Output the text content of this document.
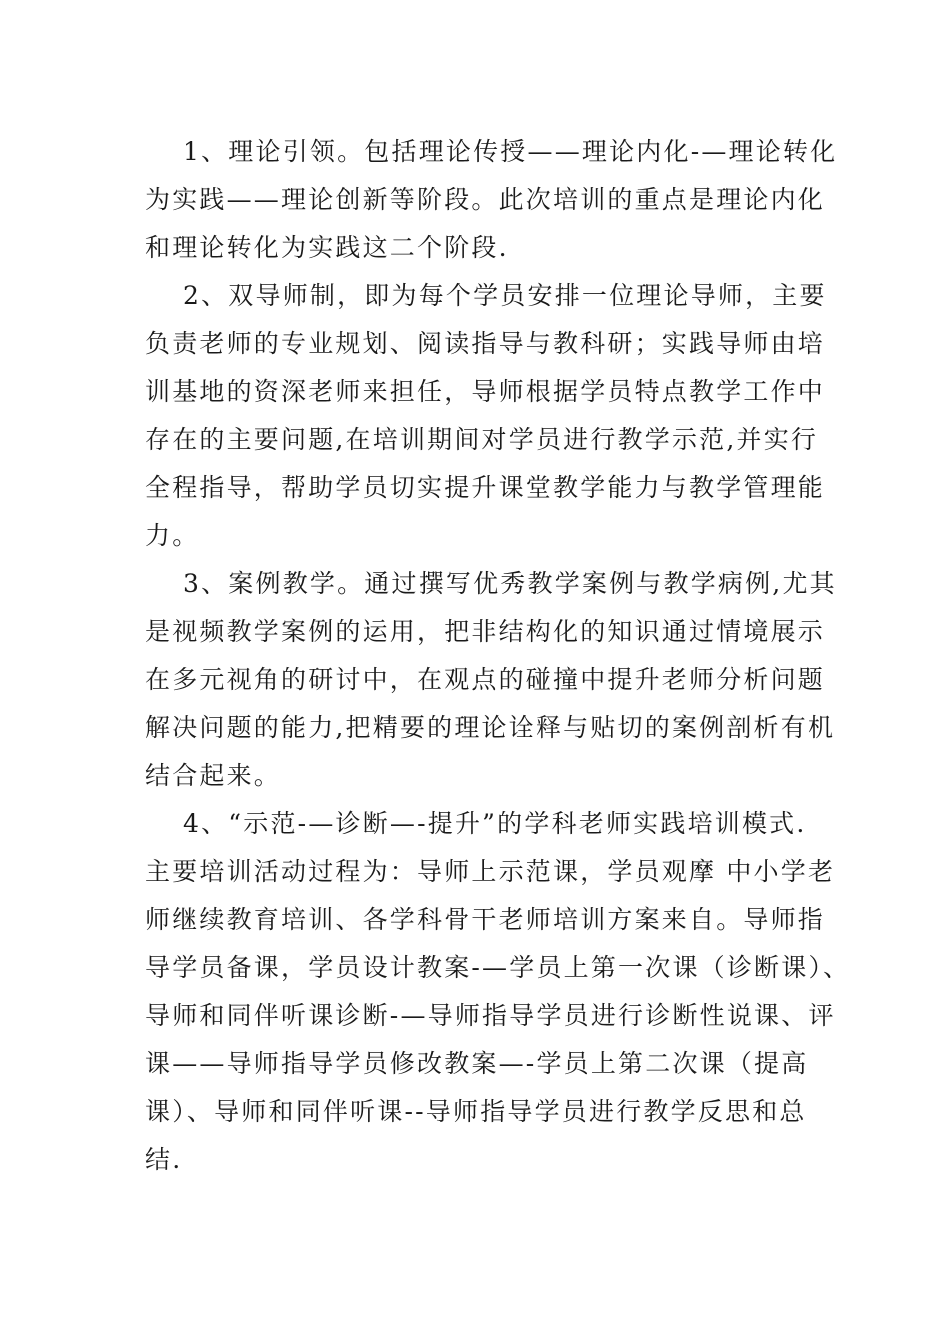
1、理论引领。包括理论传授——理论内化-—理论转化
为实践——理论创新等阶段。此次培训的重点是理论内化
和理论转化为实践这二个阶段.

2、双导师制，即为每个学员安排一位理论导师，主要
负责老师的专业规划、阅读指导与教科研；实践导师由培
训基地的资深老师来担任，导师根据学员特点教学工作中
存在的主要问题,在培训期间对学员进行教学示范,并实行
全程指导，帮助学员切实提升课堂教学能力与教学管理能
力。

3、案例教学。通过撰写优秀教学案例与教学病例,尤其
是视频教学案例的运用，把非结构化的知识通过情境展示
在多元视角的研讨中，在观点的碰撞中提升老师分析问题
解决问题的能力,把精要的理论诠释与贴切的案例剖析有机
结合起来。

4、“示范-—诊断—-提升”的学科老师实践培训模式.
主要培训活动过程为：导师上示范课，学员观摩 中小学老
师继续教育培训、各学科骨干老师培训方案来自。导师指
导学员备课，学员设计教案-—学员上第一次课（诊断课）、
导师和同伴听课诊断-—导师指导学员进行诊断性说课、评
课——导师指导学员修改教案—-学员上第二次课（提高
课）、导师和同伴听课--导师指导学员进行教学反思和总
结.
